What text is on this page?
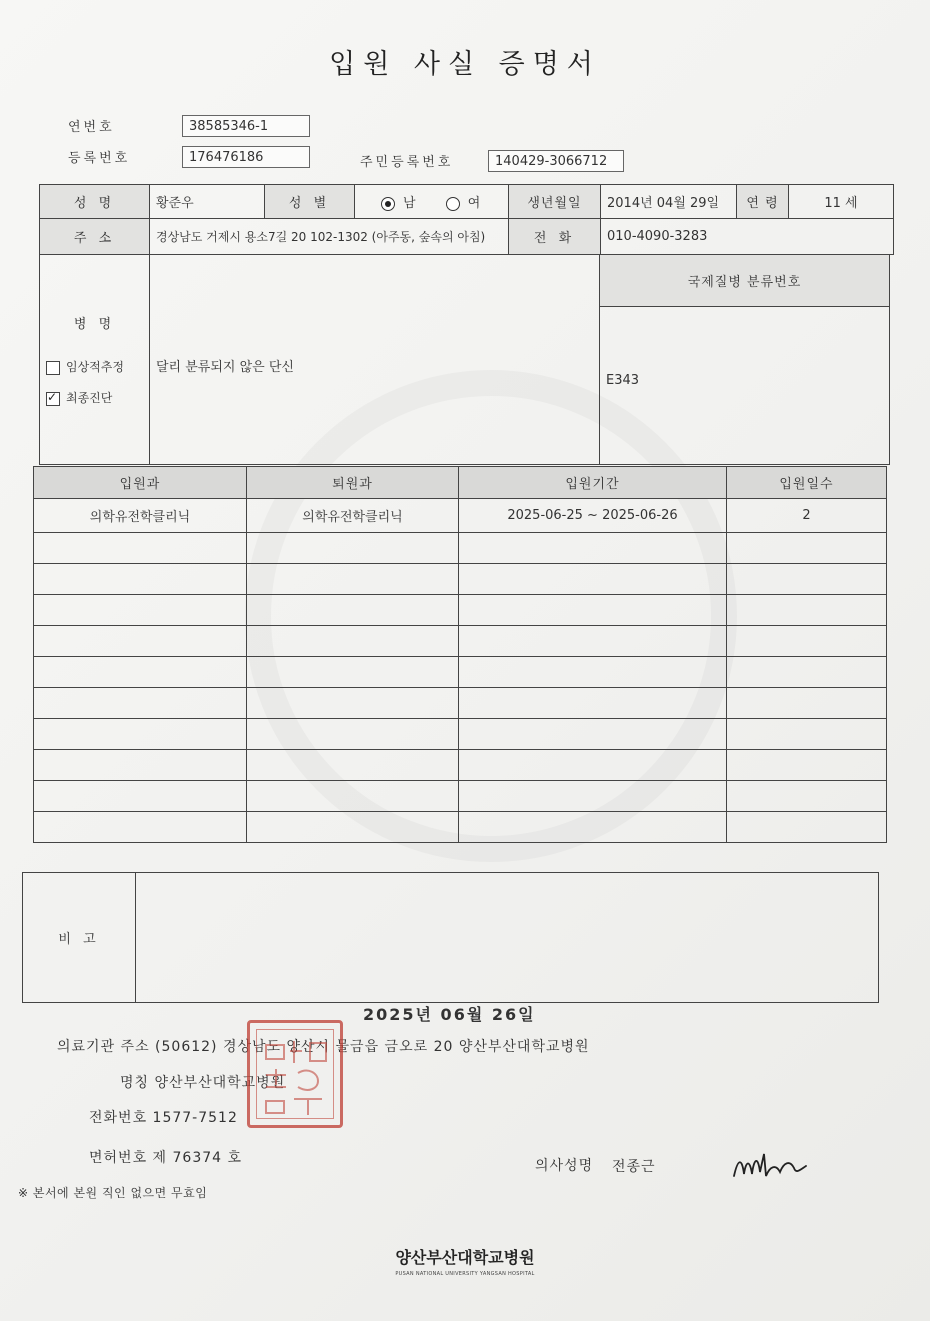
입원 사실 증명서
연번호	38585346-1
등록번호	176476186	주민등록번호	140429-3066712
성 명	황준우	성 별	남 여	생년월일	2014년 04월 29일	연 령	11 세
주 소	경상남도 거제시 용소7길 20 102-1302 (아주동, 숲속의 아침)			전 화	010-4090-3283		
병 명
임상적추정
✓최종진단
	달리 분류되지 않은 단신	국제질병 분류번호
E343
입원과	퇴원과	입원기간	입원일수
의학유전학클리닉	의학유전학클리닉	2025-06-25 ~ 2025-06-26	2

비 고	
2025년 06월 26일
의료기관 주소 (50612) 경상남도 양산시 물금읍 금오로 20 양산부산대학교병원
명칭 양산부산대학교병원
전화번호 1577-7512
면허번호 제 76374 호	의사성명 전종근
※ 본서에 본원 직인 없으면 무효임
양산부산대학교병원
PUSAN NATIONAL UNIVERSITY YANGSAN HOSPITAL
